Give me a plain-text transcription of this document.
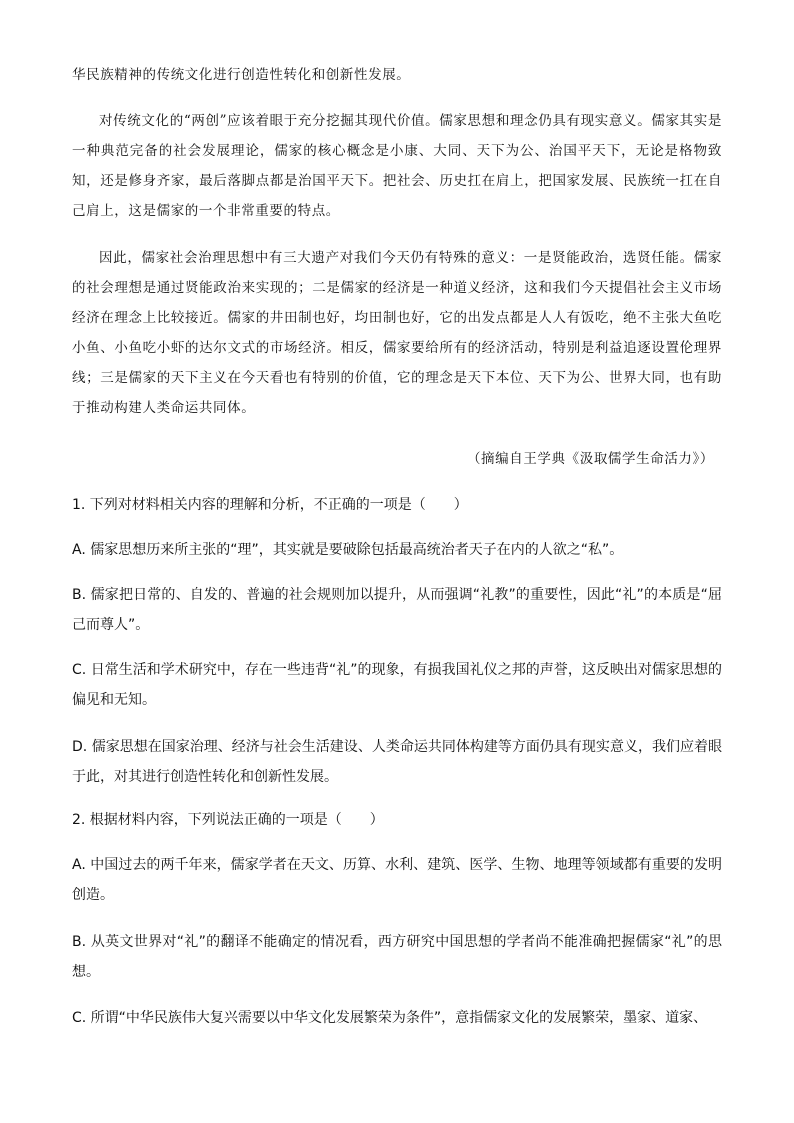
华民族精神的传统文化进行创造性转化和创新性发展。

对传统文化的“两创”应该着眼于充分挖掘其现代价值。儒家思想和理念仍具有现实意义。儒家其实是一种典范完备的社会发展理论，儒家的核心概念是小康、大同、天下为公、治国平天下，无论是格物致知，还是修身齐家，最后落脚点都是治国平天下。把社会、历史扛在肩上，把国家发展、民族统一扛在自己肩上，这是儒家的一个非常重要的特点。

因此，儒家社会治理思想中有三大遗产对我们今天仍有特殊的意义：一是贤能政治，选贤任能。儒家的社会理想是通过贤能政治来实现的；二是儒家的经济是一种道义经济，这和我们今天提倡社会主义市场经济在理念上比较接近。儒家的井田制也好，均田制也好，它的出发点都是人人有饭吃，绝不主张大鱼吃小鱼、小鱼吃小虾的达尔文式的市场经济。相反，儒家要给所有的经济活动，特别是利益追逐设置伦理界线；三是儒家的天下主义在今天看也有特别的价值，它的理念是天下本位、天下为公、世界大同，也有助于推动构建人类命运共同体。

（摘编自王学典《汲取儒学生命活力》）

1. 下列对材料相关内容的理解和分析，不正确的一项是（　　）

A. 儒家思想历来所主张的“理”，其实就是要破除包括最高统治者天子在内的人欲之“私”。

B. 儒家把日常的、自发的、普遍的社会规则加以提升，从而强调“礼教”的重要性，因此“礼”的本质是“屈己而尊人”。

C. 日常生活和学术研究中，存在一些违背“礼”的现象，有损我国礼仪之邦的声誉，这反映出对儒家思想的偏见和无知。

D. 儒家思想在国家治理、经济与社会生活建设、人类命运共同体构建等方面仍具有现实意义，我们应着眼于此，对其进行创造性转化和创新性发展。

2. 根据材料内容，下列说法正确的一项是（　　）

A. 中国过去的两千年来，儒家学者在天文、历算、水利、建筑、医学、生物、地理等领域都有重要的发明创造。

B. 从英文世界对“礼”的翻译不能确定的情况看，西方研究中国思想的学者尚不能准确把握儒家“礼”的思想。

C. 所谓“中华民族伟大复兴需要以中华文化发展繁荣为条件”，意指儒家文化的发展繁荣，墨家、道家、
